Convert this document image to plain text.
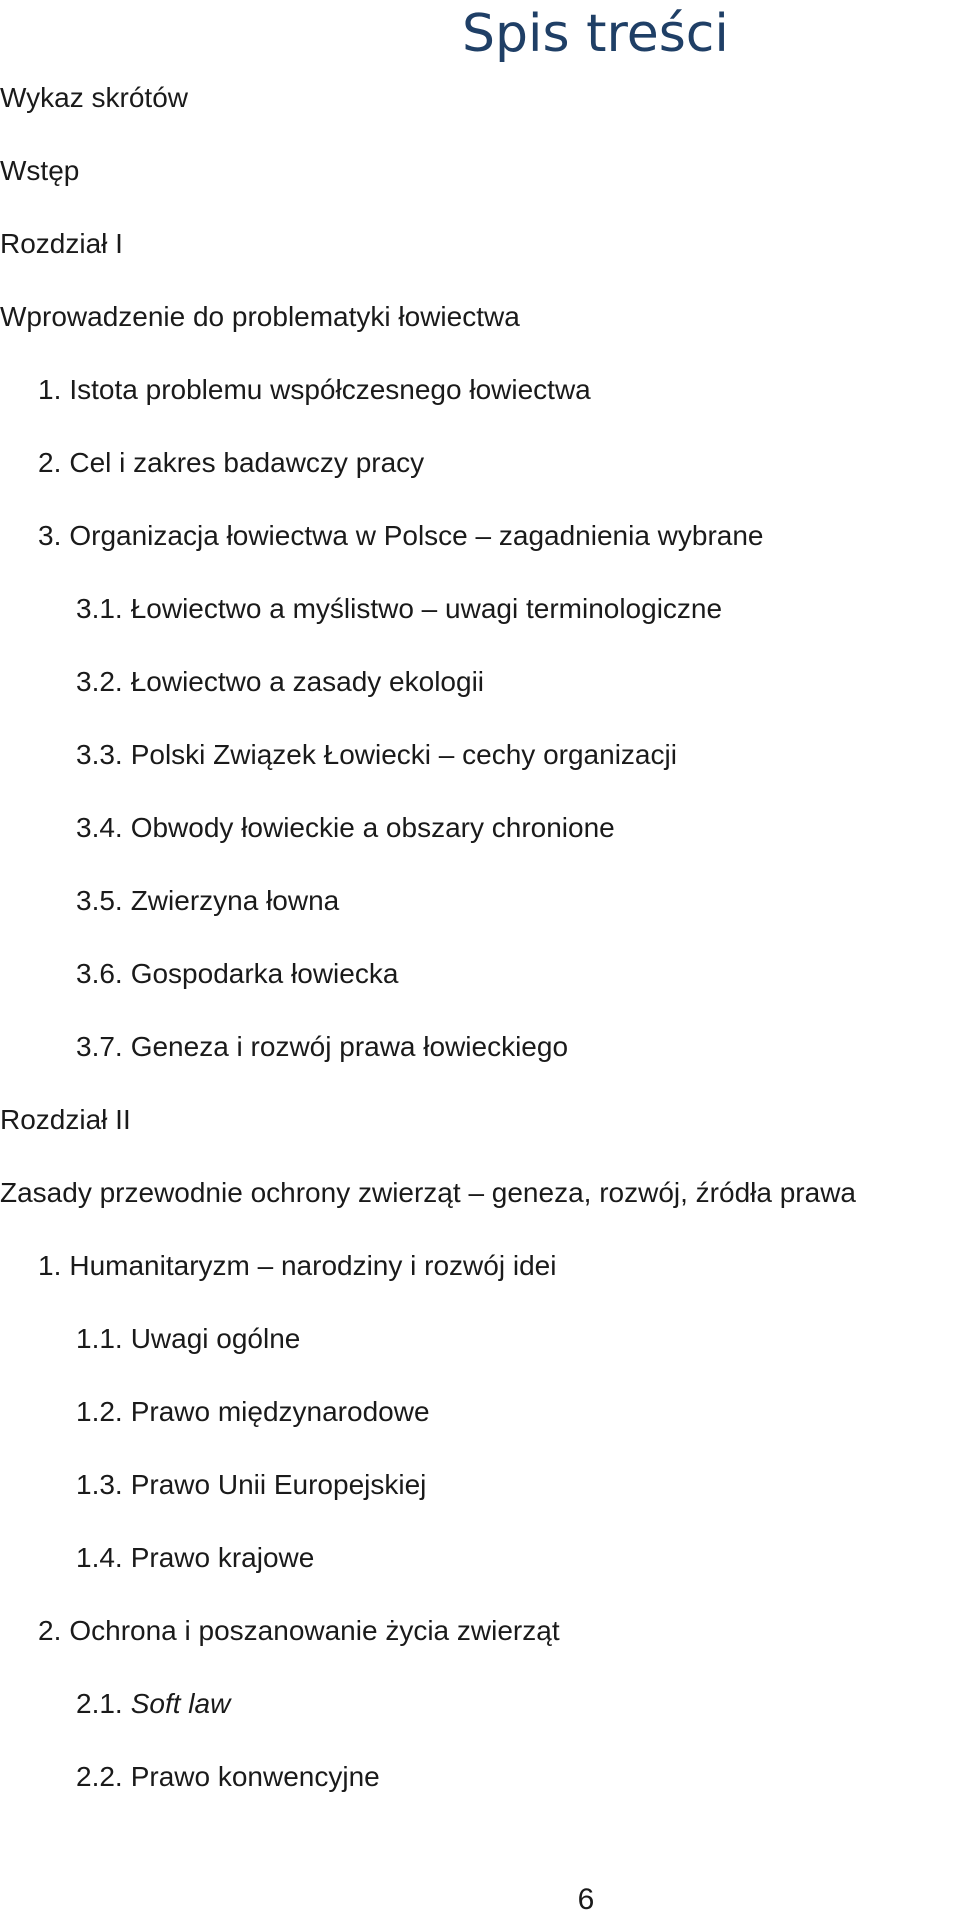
Spis treści
Wykaz skrótów
Wstęp
Rozdział I
Wprowadzenie do problematyki łowiectwa
1. Istota problemu współczesnego łowiectwa
2. Cel i zakres badawczy pracy
3. Organizacja łowiectwa w Polsce – zagadnienia wybrane
3.1. Łowiectwo a myślistwo – uwagi terminologiczne
3.2. Łowiectwo a zasady ekologii
3.3. Polski Związek Łowiecki – cechy organizacji
3.4. Obwody łowieckie a obszary chronione
3.5. Zwierzyna łowna
3.6. Gospodarka łowiecka
3.7. Geneza i rozwój prawa łowieckiego
Rozdział II
Zasady przewodnie ochrony zwierząt – geneza, rozwój, źródła prawa
1. Humanitaryzm – narodziny i rozwój idei
1.1. Uwagi ogólne
1.2. Prawo międzynarodowe
1.3. Prawo Unii Europejskiej
1.4. Prawo krajowe
2. Ochrona i poszanowanie życia zwierząt
2.1. Soft law
2.2. Prawo konwencyjne
6
